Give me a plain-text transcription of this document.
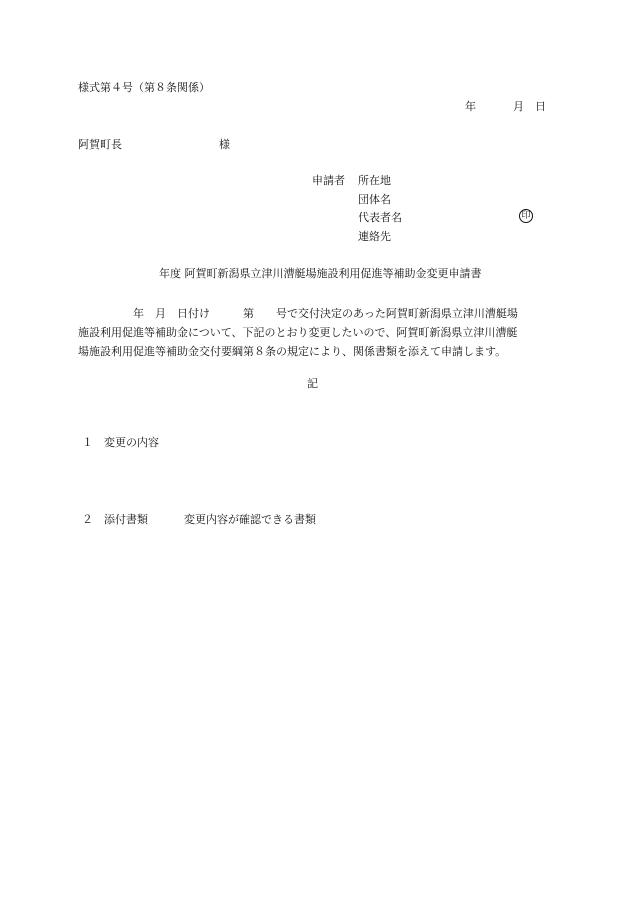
様式第４号（第８条関係）
年	月 日
阿賀町長	様
申請者 所在地
団体名
代表者名
連絡先
印
年度 阿賀町新潟県立津川漕艇場施設利用促進等補助金変更申請書

　　　　　年　月　日付け　　　第　　号で交付決定のあった阿賀町新潟県立津川漕艇場

施設利用促進等補助金について、下記のとおり変更したいので、阿賀町新潟県立津川漕艇

場施設利用促進等補助金交付要綱第８条の規定により、関係書類を添えて申請します。

記
１　変更の内容
２　添付書類	変更内容が確認できる書類
